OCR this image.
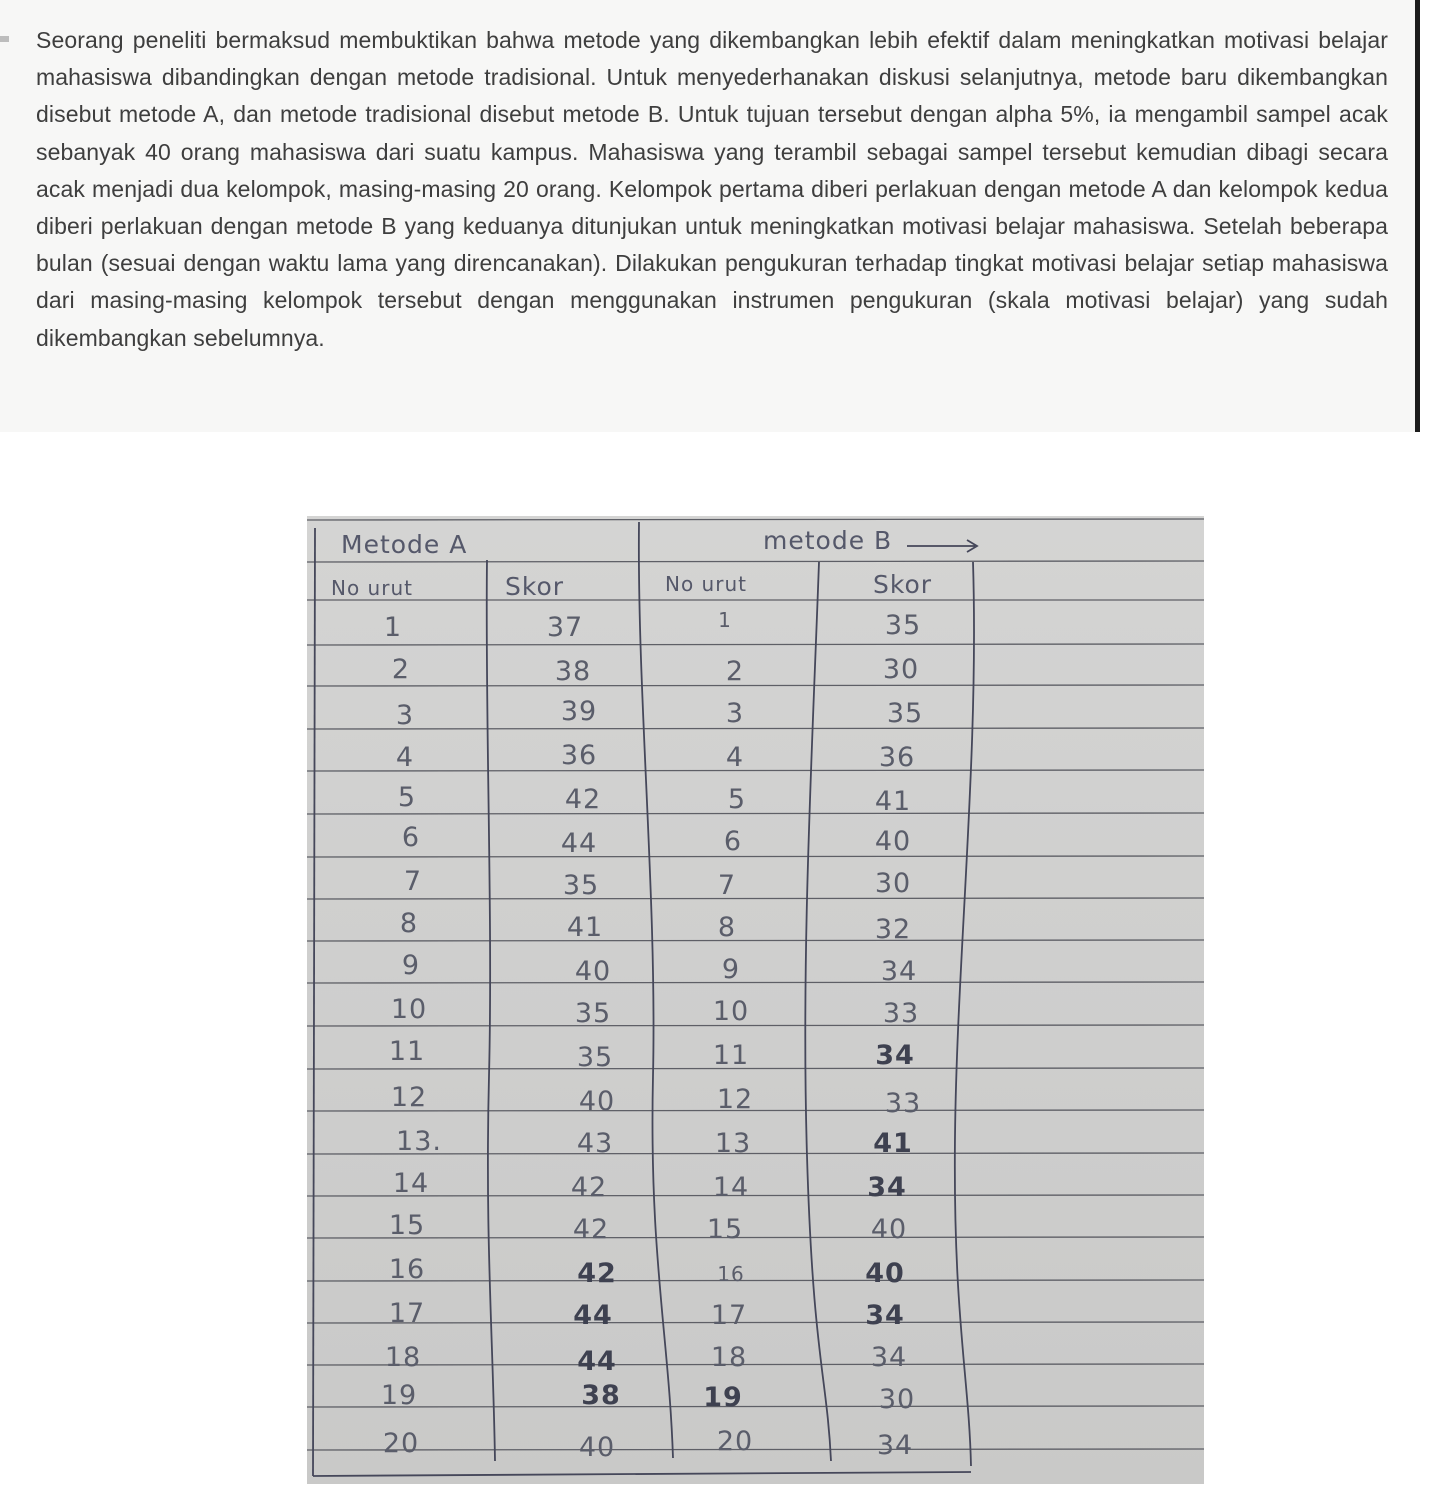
Seorang peneliti bermaksud membuktikan bahwa metode yang dikembangkan lebih efektif dalam meningkatkan motivasi belajar mahasiswa dibandingkan dengan metode tradisional. Untuk menyederhanakan diskusi selanjutnya, metode baru dikembangkan disebut metode A, dan metode tradisional disebut metode B. Untuk tujuan tersebut dengan alpha 5%, ia mengambil sampel acak sebanyak 40 orang mahasiswa dari suatu kampus. Mahasiswa yang terambil sebagai sampel tersebut kemudian dibagi secara acak menjadi dua kelompok, masing-masing 20 orang. Kelompok pertama diberi perlakuan dengan metode A dan kelompok kedua diberi perlakuan dengan metode B yang keduanya ditunjukan untuk meningkatkan motivasi belajar mahasiswa. Setelah beberapa bulan (sesuai dengan waktu lama yang direncanakan). Dilakukan pengukuran terhadap tingkat motivasi belajar setiap mahasiswa dari masing-masing kelompok tersebut dengan menggunakan instrumen pengukuran (skala motivasi belajar) yang sudah dikembangkan sebelumnya.

Metode A	metode B
No urut	Skor	No urut	Skor
1	37	1	35
2	38	2	30
3	39	3	35
4	36	4	36
5	42	5	41
6	44	6	40
7	35	7	30
8	41	8	32
9	40	9	34
10	35	10	33
11	35	11	34
12	40	12	33
13.	43	13	41
14	42	14	34
15	42	15	40
16	42	16	40
17	44	17	34
18	44	18	34
19	38	19	30
20	40	20	34
